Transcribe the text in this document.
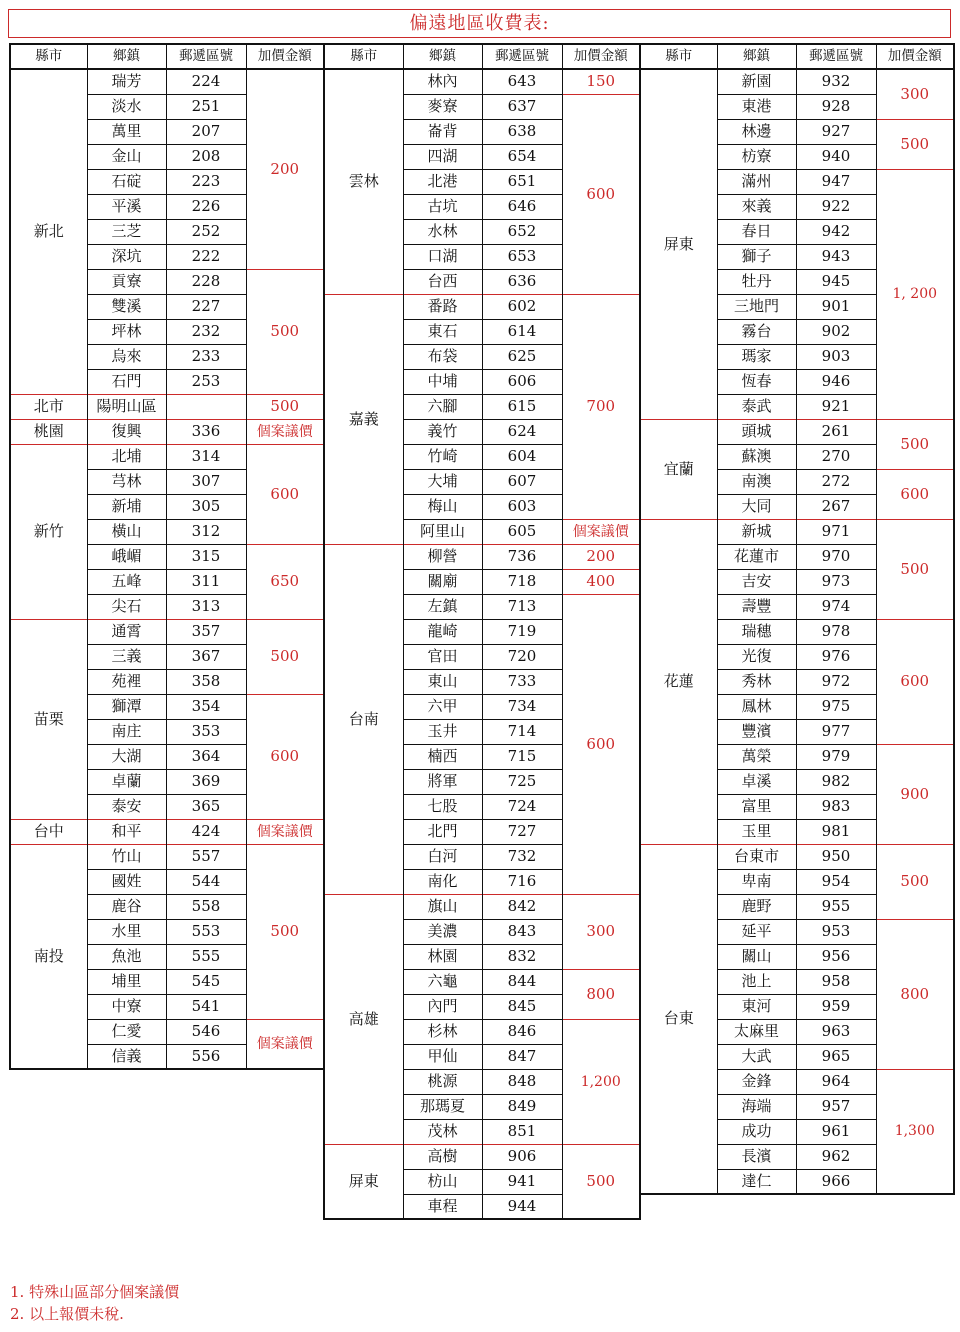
偏遠地區收費表:
縣市	鄉鎮	郵遞區號	加價金額
新北	瑞芳	224	200
	淡水	251	
	萬里	207	
	金山	208	
	石碇	223	
	平溪	226	
	三芝	252	
	深坑	222	
	貢寮	228	500
	雙溪	227	
	坪林	232	
	烏來	233	
	石門	253	
北市	陽明山區		500
桃園	復興	336	個案議價
新竹	北埔	314	600
	芎林	307	
	新埔	305	
	橫山	312	
	峨嵋	315	650
	五峰	311	
	尖石	313	
苗栗	通霄	357	500
	三義	367	
	苑裡	358	
	獅潭	354	600
	南庄	353	
	大湖	364	
	卓蘭	369	
	泰安	365	
台中	和平	424	個案議價
南投	竹山	557	500
	國姓	544	
	鹿谷	558	
	水里	553	
	魚池	555	
	埔里	545	
	中寮	541	
	仁愛	546	個案議價
	信義	556	
縣市	鄉鎮	郵遞區號	加價金額
雲林	林內	643	150
	麥寮	637	600
	崙背	638	
	四湖	654	
	北港	651	
	古坑	646	
	水林	652	
	口湖	653	
	台西	636	
嘉義	番路	602	700
	東石	614	
	布袋	625	
	中埔	606	
	六腳	615	
	義竹	624	
	竹崎	604	
	大埔	607	
	梅山	603	
	阿里山	605	個案議價
台南	柳營	736	200
	關廟	718	400
	左鎮	713	600
	龍崎	719	
	官田	720	
	東山	733	
	六甲	734	
	玉井	714	
	楠西	715	
	將軍	725	
	七股	724	
	北門	727	
	白河	732	
	南化	716	
高雄	旗山	842	300
	美濃	843	
	林園	832	
	六龜	844	800
	內門	845	
	杉林	846	1,200
	甲仙	847	
	桃源	848	
	那瑪夏	849	
	茂林	851	
屏東	高樹	906	500
	枋山	941	
	車程	944	
縣市	鄉鎮	郵遞區號	加價金額
屏東	新園	932	300
	東港	928	
	林邊	927	500
	枋寮	940	
	滿州	947	1, 200
	來義	922	
	春日	942	
	獅子	943	
	牡丹	945	
	三地門	901	
	霧台	902	
	瑪家	903	
	恆春	946	
	泰武	921	
宜蘭	頭城	261	500
	蘇澳	270	
	南澳	272	600
	大同	267	
花蓮	新城	971	500
	花蓮市	970	
	吉安	973	
	壽豐	974	
	瑞穗	978	600
	光復	976	
	秀林	972	
	鳳林	975	
	豐濱	977	
	萬榮	979	900
	卓溪	982	
	富里	983	
	玉里	981	
台東	台東市	950	500
	卑南	954	
	鹿野	955	
	延平	953	800
	關山	956	
	池上	958	
	東河	959	
	太麻里	963	
	大武	965	
	金鋒	964	1,300
	海端	957	
	成功	961	
	長濱	962	
	達仁	966	
1. 特殊山區部分個案議價
2. 以上報價未稅.
